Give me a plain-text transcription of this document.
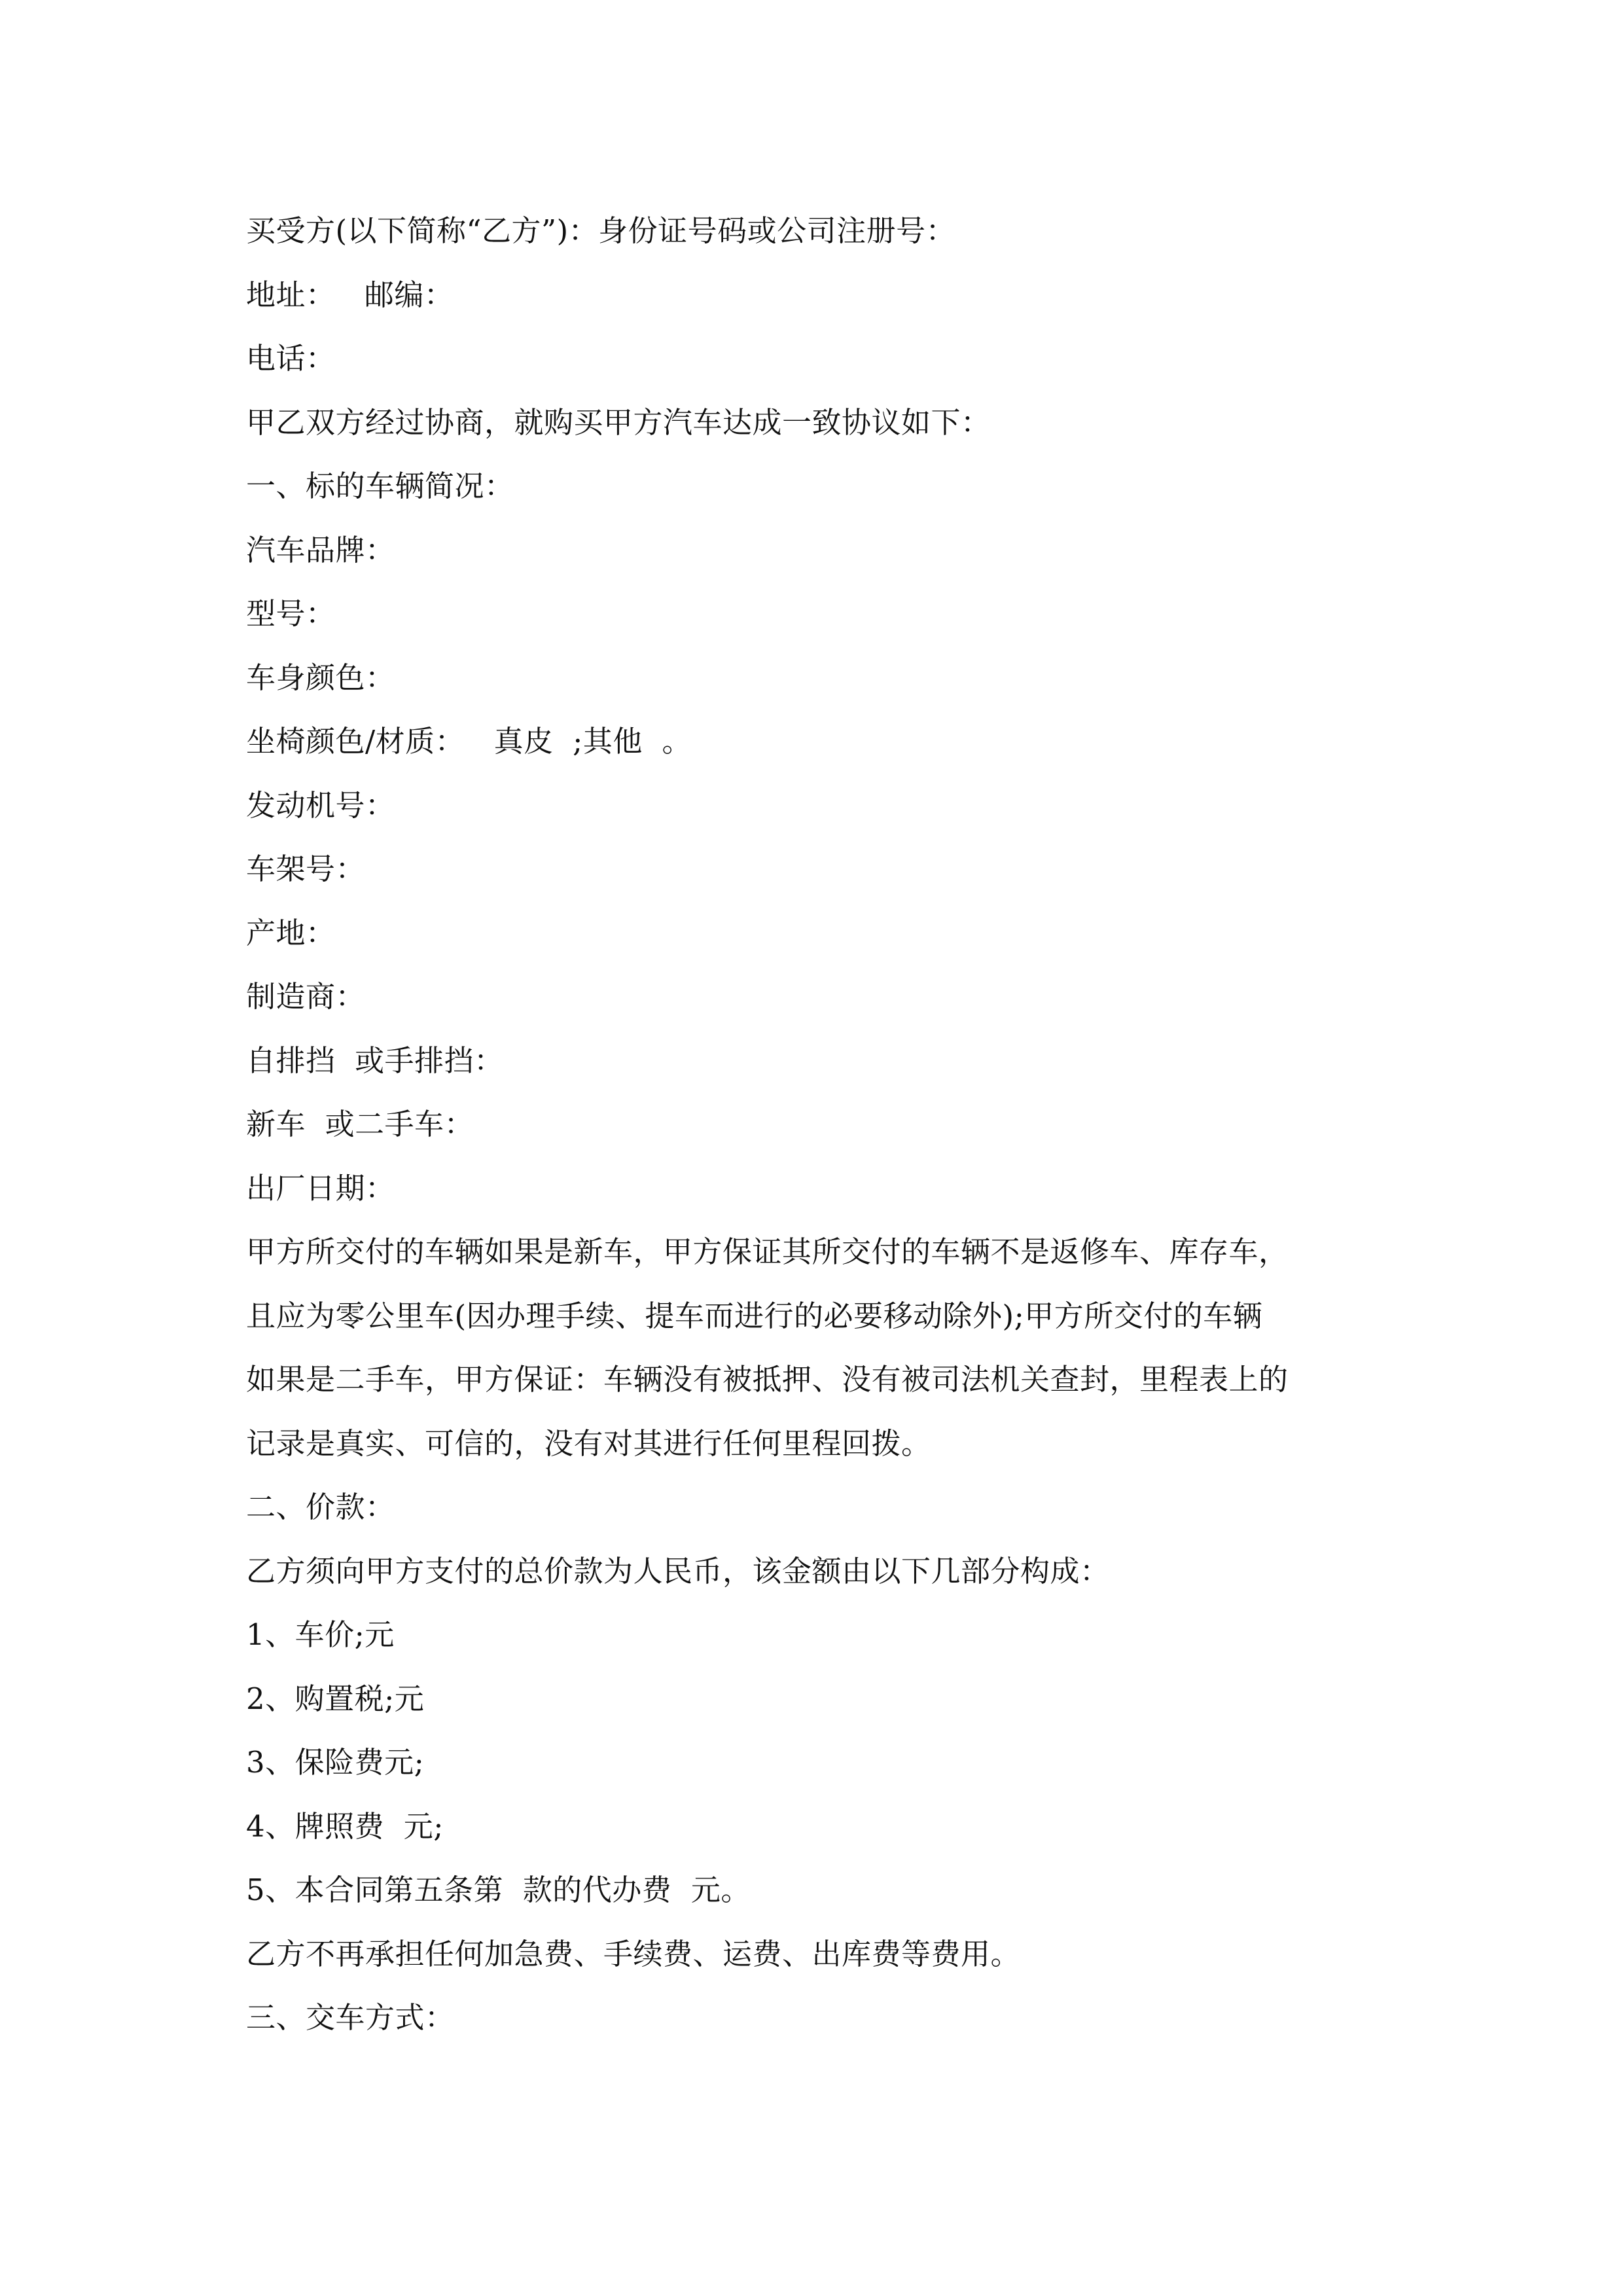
买受方(以下简称“乙方”)：身份证号码或公司注册号：
地址：   邮编：
电话：
甲乙双方经过协商，就购买甲方汽车达成一致协议如下：
一、标的车辆简况：
汽车品牌：
型号：
车身颜色：
坐椅颜色/材质：   真皮  ;其他  。
发动机号：
车架号：
产地：
制造商：
自排挡  或手排挡：
新车  或二手车：
出厂日期：
甲方所交付的车辆如果是新车，甲方保证其所交付的车辆不是返修车、库存车，
且应为零公里车(因办理手续、提车而进行的必要移动除外);甲方所交付的车辆
如果是二手车，甲方保证：车辆没有被抵押、没有被司法机关查封，里程表上的
记录是真实、可信的，没有对其进行任何里程回拨。
二、价款：
乙方须向甲方支付的总价款为人民币，该金额由以下几部分构成：
1、车价;元
2、购置税;元
3、保险费元;
4、牌照费  元;
5、本合同第五条第  款的代办费  元。
乙方不再承担任何加急费、手续费、运费、出库费等费用。
三、交车方式：
